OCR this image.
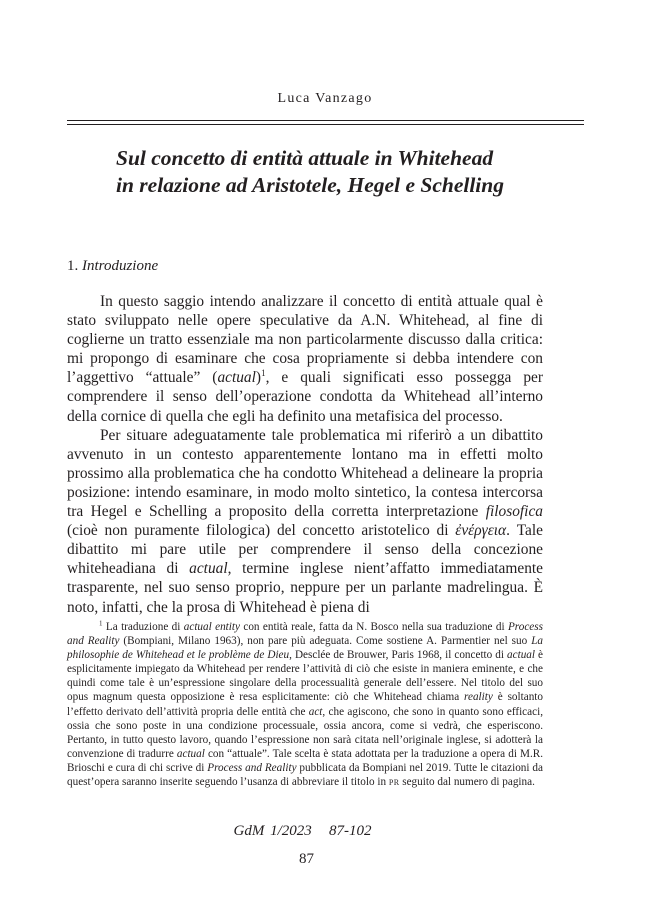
Luca Vanzago
Sul concetto di entità attuale in Whitehead
in relazione ad Aristotele, Hegel e Schelling
1. Introduzione

In questo saggio intendo analizzare il concetto di entità attuale qual è stato sviluppato nelle opere speculative da A.N. Whitehead, al fine di coglierne un tratto essenziale ma non particolarmente discusso dalla critica: mi propongo di esaminare che cosa propriamente si debba intendere con l’aggettivo “attuale” (actual)$^1$, e quali significati esso possegga per comprendere il senso dell’operazione condotta da Whitehead all’interno della cornice di quella che egli ha definito una metafisica del processo.

Per situare adeguatamente tale problematica mi riferirò a un dibattito avvenuto in un contesto apparentemente lontano ma in effetti molto prossimo alla problematica che ha condotto Whitehead a delineare la propria posizione: intendo esaminare, in modo molto sintetico, la contesa intercorsa tra Hegel e Schelling a proposito della corretta interpretazione filosofica (cioè non puramente filologica) del concetto aristotelico di ἐνέργεια. Tale dibattito mi pare utile per comprendere il senso della concezione whiteheadiana di actual, termine inglese nient’affatto immediatamente trasparente, nel suo senso proprio, neppure per un parlante madrelingua. È noto, infatti, che la prosa di Whitehead è piena di

$^1$ La traduzione di actual entity con entità reale, fatta da N. Bosco nella sua traduzione di Process and Reality (Bompiani, Milano 1963), non pare più adeguata. Come sostiene A. Parmentier nel suo La philosophie de Whitehead et le problème de Dieu, Desclée de Brouwer, Paris 1968, il concetto di actual è esplicitamente impiegato da Whitehead per rendere l’attività di ciò che esiste in maniera eminente, e che quindi come tale è un’espressione singolare della processualità generale dell’essere. Nel titolo del suo opus magnum questa opposizione è resa esplicitamente: ciò che Whitehead chiama reality è soltanto l’effetto derivato dell’attività propria delle entità che act, che agiscono, che sono in quanto sono efficaci, ossia che sono poste in una condizione processuale, ossia ancora, come si vedrà, che esperiscono. Pertanto, in tutto questo lavoro, quando l’espressione non sarà citata nell’originale inglese, si adotterà la convenzione di tradurre actual con “attuale”. Tale scelta è stata adottata per la traduzione a opera di M.R. Brioschi e cura di chi scrive di Process and Reality pubblicata da Bompiani nel 2019. Tutte le citazioni da quest’opera saranno inserite seguendo l’usanza di abbreviare il titolo in PR seguito dal numero di pagina.

GdM 1/2023 87-102
87
